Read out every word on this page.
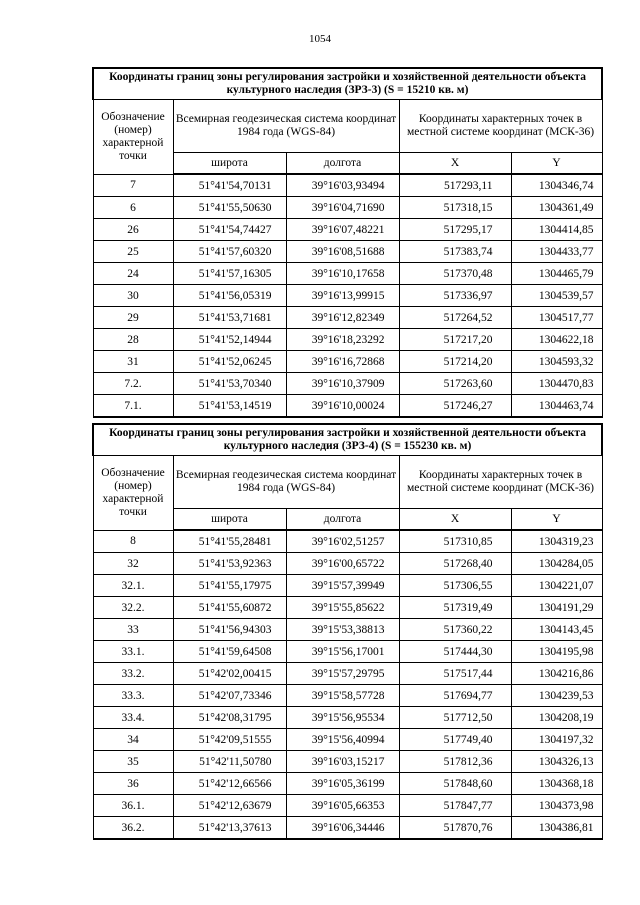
1054
Координаты границ зоны регулирования застройки и хозяйственной деятельности объекта культурного наследия (ЗРЗ-3) (S = 15210 кв. м)				
Обозначение (номер) характерной точки	Всемирная геодезическая система координат 1984 года (WGS-84)		Координаты характерных точек в местной системе координат (МСК-36)	
	широта	долгота	X	Y
7	51°41'54,70131	39°16'03,93494	517293,11	1304346,74
6	51°41'55,50630	39°16'04,71690	517318,15	1304361,49
26	51°41'54,74427	39°16'07,48221	517295,17	1304414,85
25	51°41'57,60320	39°16'08,51688	517383,74	1304433,77
24	51°41'57,16305	39°16'10,17658	517370,48	1304465,79
30	51°41'56,05319	39°16'13,99915	517336,97	1304539,57
29	51°41'53,71681	39°16'12,82349	517264,52	1304517,77
28	51°41'52,14944	39°16'18,23292	517217,20	1304622,18
31	51°41'52,06245	39°16'16,72868	517214,20	1304593,32
7.2.	51°41'53,70340	39°16'10,37909	517263,60	1304470,83
7.1.	51°41'53,14519	39°16'10,00024	517246,27	1304463,74
Координаты границ зоны регулирования застройки и хозяйственной деятельности объекта культурного наследия (ЗРЗ-4) (S = 155230 кв. м)				
Обозначение (номер) характерной точки	Всемирная геодезическая система координат 1984 года (WGS-84)		Координаты характерных точек в местной системе координат (МСК-36)	
	широта	долгота	X	Y
8	51°41'55,28481	39°16'02,51257	517310,85	1304319,23
32	51°41'53,92363	39°16'00,65722	517268,40	1304284,05
32.1.	51°41'55,17975	39°15'57,39949	517306,55	1304221,07
32.2.	51°41'55,60872	39°15'55,85622	517319,49	1304191,29
33	51°41'56,94303	39°15'53,38813	517360,22	1304143,45
33.1.	51°41'59,64508	39°15'56,17001	517444,30	1304195,98
33.2.	51°42'02,00415	39°15'57,29795	517517,44	1304216,86
33.3.	51°42'07,73346	39°15'58,57728	517694,77	1304239,53
33.4.	51°42'08,31795	39°15'56,95534	517712,50	1304208,19
34	51°42'09,51555	39°15'56,40994	517749,40	1304197,32
35	51°42'11,50780	39°16'03,15217	517812,36	1304326,13
36	51°42'12,66566	39°16'05,36199	517848,60	1304368,18
36.1.	51°42'12,63679	39°16'05,66353	517847,77	1304373,98
36.2.	51°42'13,37613	39°16'06,34446	517870,76	1304386,81
